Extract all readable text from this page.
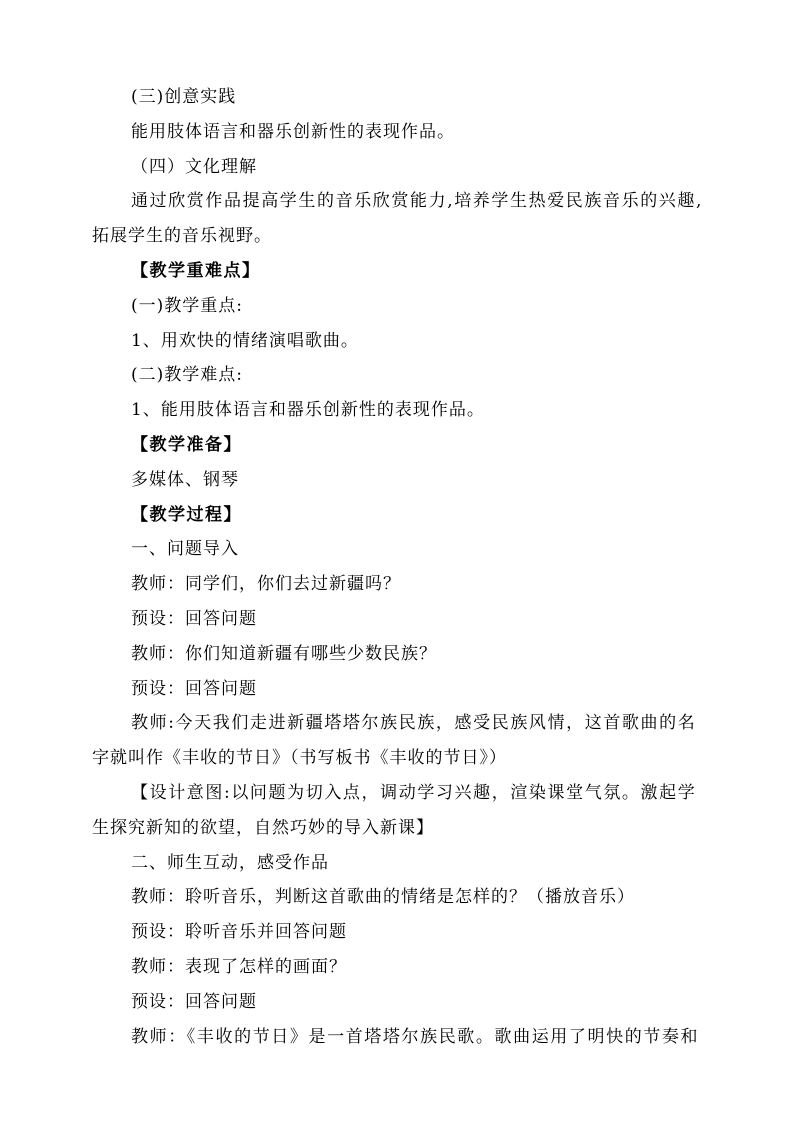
(三)创意实践
能用肢体语言和器乐创新性的表现作品。
（四）文化理解
通过欣赏作品提高学生的音乐欣赏能力,培养学生热爱民族音乐的兴趣,
拓展学生的音乐视野。
【教学重难点】
(一)教学重点:
1、用欢快的情绪演唱歌曲。
(二)教学难点:
1、能用肢体语言和器乐创新性的表现作品。
【教学准备】
多媒体、钢琴
【教学过程】
一、问题导入
教师：同学们，你们去过新疆吗？
预设：回答问题
教师：你们知道新疆有哪些少数民族？
预设：回答问题
教师:今天我们走进新疆塔塔尔族民族，感受民族风情，这首歌曲的名
字就叫作《丰收的节日》（书写板书《丰收的节日》）
【设计意图:以问题为切入点，调动学习兴趣，渲染课堂气氛。激起学
生探究新知的欲望，自然巧妙的导入新课】
二、师生互动，感受作品
教师：聆听音乐，判断这首歌曲的情绪是怎样的？（播放音乐）
预设：聆听音乐并回答问题
教师：表现了怎样的画面？
预设：回答问题
教师：《丰收的节日》是一首塔塔尔族民歌。歌曲运用了明快的节奏和
